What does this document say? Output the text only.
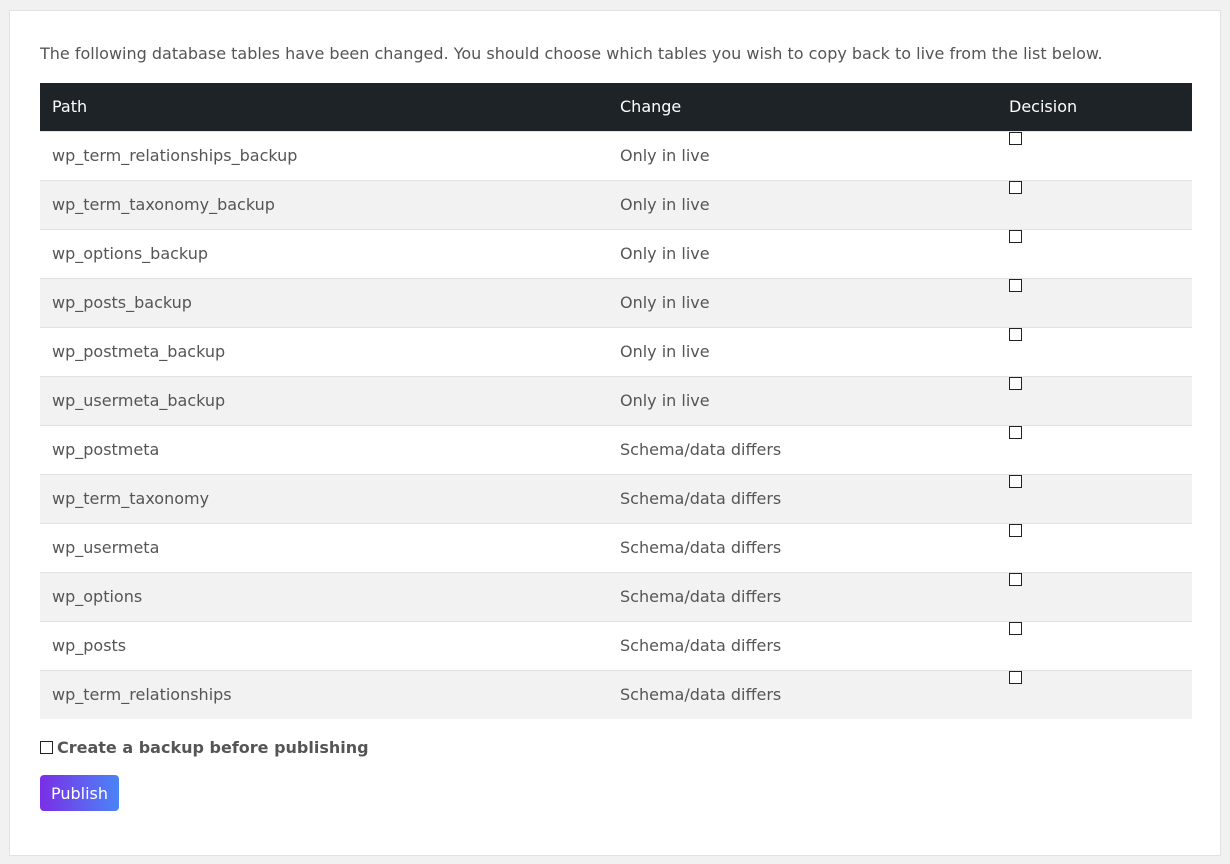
The following database tables have been changed. You should choose which tables you wish to copy back to live from the list below.
Path	Change	Decision
wp_term_relationships_backup	Only in live	
wp_term_taxonomy_backup	Only in live	
wp_options_backup	Only in live	
wp_posts_backup	Only in live	
wp_postmeta_backup	Only in live	
wp_usermeta_backup	Only in live	
wp_postmeta	Schema/data differs	
wp_term_taxonomy	Schema/data differs	
wp_usermeta	Schema/data differs	
wp_options	Schema/data differs	
wp_posts	Schema/data differs	
wp_term_relationships	Schema/data differs	
Create a backup before publishing
Publish
